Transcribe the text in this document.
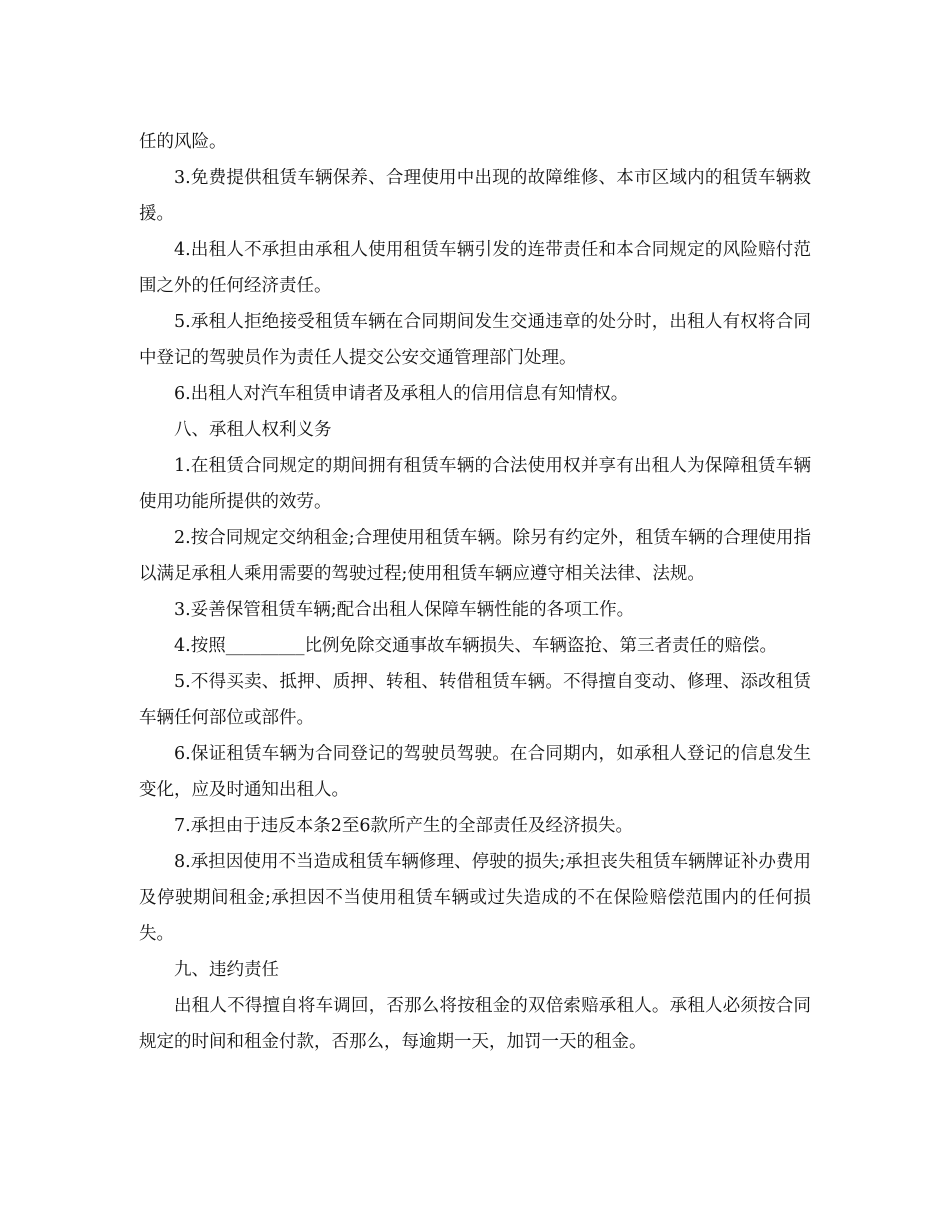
任的风险。

3.免费提供租赁车辆保养、合理使用中出现的故障维修、本市区域内的租赁车辆救援。

4.出租人不承担由承租人使用租赁车辆引发的连带责任和本合同规定的风险赔付范围之外的任何经济责任。

5.承租人拒绝接受租赁车辆在合同期间发生交通违章的处分时，出租人有权将合同中登记的驾驶员作为责任人提交公安交通管理部门处理。

6.出租人对汽车租赁申请者及承租人的信用信息有知情权。

八、承租人权利义务

1.在租赁合同规定的期间拥有租赁车辆的合法使用权并享有出租人为保障租赁车辆使用功能所提供的效劳。

2.按合同规定交纳租金;合理使用租赁车辆。除另有约定外，租赁车辆的合理使用指以满足承租人乘用需要的驾驶过程;使用租赁车辆应遵守相关法律、法规。

3.妥善保管租赁车辆;配合出租人保障车辆性能的各项工作。

4.按照_________比例免除交通事故车辆损失、车辆盗抢、第三者责任的赔偿。

5.不得买卖、抵押、质押、转租、转借租赁车辆。不得擅自变动、修理、添改租赁车辆任何部位或部件。

6.保证租赁车辆为合同登记的驾驶员驾驶。在合同期内，如承租人登记的信息发生变化，应及时通知出租人。

7.承担由于违反本条2至6款所产生的全部责任及经济损失。

8.承担因使用不当造成租赁车辆修理、停驶的损失;承担丧失租赁车辆牌证补办费用及停驶期间租金;承担因不当使用租赁车辆或过失造成的不在保险赔偿范围内的任何损失。

九、违约责任

出租人不得擅自将车调回，否那么将按租金的双倍索赔承租人。承租人必须按合同规定的时间和租金付款，否那么，每逾期一天，加罚一天的租金。
